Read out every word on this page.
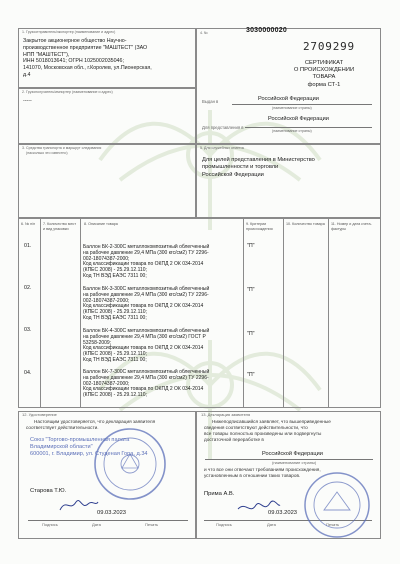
1. Грузоотправитель/экспортер (наименование и адрес)
Закрытое акционерное общество Научно-
производственное предприятие "МАШТЕСТ" (ЗАО
НПП "МАШТЕСТ"),
ИНН 5018013641; ОГРН 1025002035046;
141070, Московская обл., г.Королев, ул.Пионерская,
д.4
2. Грузополучатель/импортер (наименование и адрес)
-----
3. Средства транспорта и маршрут следования
(насколько это известно)
4. №	3030000020
2709299
СЕРТИФИКАТ
О ПРОИСХОЖДЕНИИ ТОВАРА
форма СТ-1
Выдан в	Российской Федерации
(наименование страны)
Для представления в
Российской Федерации
(наименование страны)
5. Для служебных отметок
Для целей представления в Министерство
промышленности и торговли
Российской Федерации
6. № п/п	7. Количество мест и вид упаковки
8. Описание товара	9. Критерии происхождения
10. Количество товара	11. Номер и дата счета-фактуры
01.	Баллон БК-2-300С металлокомпозитный облегченный
на рабочее давление 29,4 МПа (300 кгс/см2) ТУ 2296-
002-18074387-2000;
Код классификации товара по ОКПД 2 ОК 034-2014
(КПЕС 2008) - 25.29.12.110;
Код ТН ВЭД ЕАЭС 7311 00;
"П"
02.	Баллон БК-3-300С металлокомпозитный облегченный
на рабочее давление 29,4 МПа (300 кгс/см2) ТУ 2296-
002-18074387-2000;
Код классификации товара по ОКПД 2 ОК 034-2014
(КПЕС 2008) - 25.29.12.110;
Код ТН ВЭД ЕАЭС 7311 00;
"П"
03.	Баллон БК-4-300С металлокомпозитный облегченный
на рабочее давление 29,4 МПа (300 кгс/см2) ГОСТ Р
53258-2009;
Код классификации товара по ОКПД 2 ОК 034-2014
(КПЕС 2008) - 25.29.12.110;
Код ТН ВЭД ЕАЭС 7311 00;
"П"
04.	Баллон БК-7-300С металлокомпозитный облегченный
на рабочее давление 29,4 МПа (300 кгс/см2) ТУ 2296-
002-18074387-2000;
Код классификации товара по ОКПД 2 ОК 034-2014
(КПЕС 2008) - 25.29.12.110;
"П"
12. Удостоверение
Настоящим удостоверяется, что декларация заявителя
соответствует действительности.
Союз "Торгово-промышленная палата
Владимирской области"
600001, г. Владимир, ул. Студеная Гора, д.34
Старова Т.Ю.
09.03.2023
Подпись	Дата	Печать
13. Декларация заявителя
Нижеподписавшийся заявляет, что вышеприведенные
сведения соответствуют действительности, что
все товары полностью произведены или подвергнуты
достаточной переработке в
Российской Федерации
(наименование страны)
и что все они отвечают требованиям происхождения,
установленным в отношении таких товаров.
Прима А.В.
09.03.2023
Подпись	Дата	Печать
